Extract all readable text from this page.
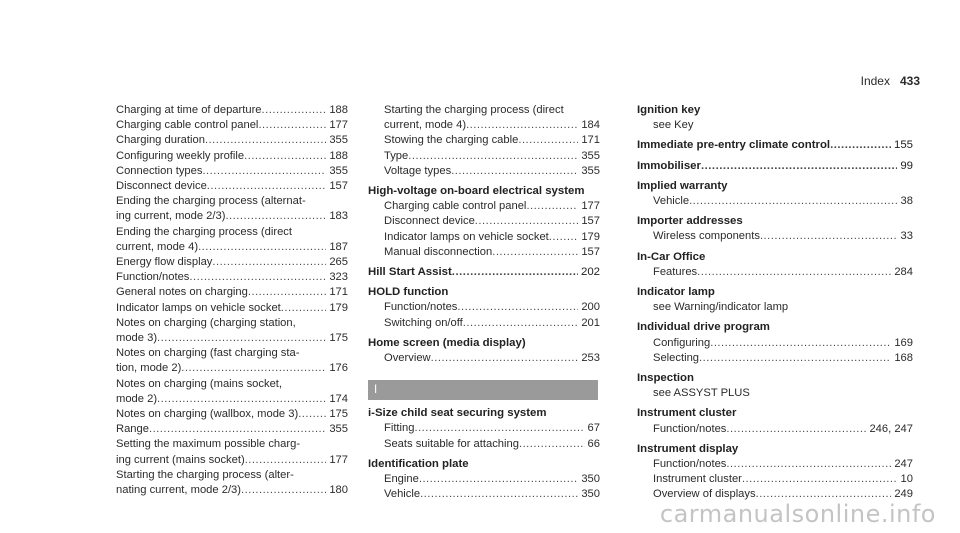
Index 433
Charging at time of departure .....	188
Charging cable control panel .....	177
Charging duration .....	355
Configuring weekly profile .....	188
Connection types .....	355
Disconnect device .....	157
Ending the charging process (alternat-
ing current, mode 2/3) .....	183
Ending the charging process (direct
current, mode 4) .....	187
Energy flow display .....	265
Function/notes .....	323
General notes on charging .....	171
Indicator lamps on vehicle socket .....	179
Notes on charging (charging station,
mode 3) .....	175
Notes on charging (fast charging sta-
tion, mode 2) .....	176
Notes on charging (mains socket,
mode 2) .....	174
Notes on charging (wallbox, mode 3) .....	175
Range .....	355
Setting the maximum possible charg-
ing current (mains socket) .....	177
Starting the charging process (alter-
nating current, mode 2/3) .....	180
Starting the charging process (direct
current, mode 4) .....	184
Stowing the charging cable .....	171
Type .....	355
Voltage types .....	355
High-voltage on-board electrical system
Charging cable control panel .....	177
Disconnect device .....	157
Indicator lamps on vehicle socket .....	179
Manual disconnection .....	157
Hill Start Assist .....	202
HOLD function
Function/notes .....	200
Switching on/off .....	201
Home screen (media display)
Overview .....	253
I
i-Size child seat securing system
Fitting .....	67
Seats suitable for attaching .....	66
Identification plate
Engine .....	350
Vehicle .....	350
Ignition key
see Key
Immediate pre-entry climate control .....	155
Immobiliser .....	99
Implied warranty
Vehicle .....	38
Importer addresses
Wireless components .....	33
In-Car Office
Features .....	284
Indicator lamp
see Warning/indicator lamp
Individual drive program
Configuring .....	169
Selecting .....	168
Inspection
see ASSYST PLUS
Instrument cluster
Function/notes .....	246, 247
Instrument display
Function/notes .....	247
Instrument cluster .....	10
Overview of displays .....	249
carmanualsonline.info
